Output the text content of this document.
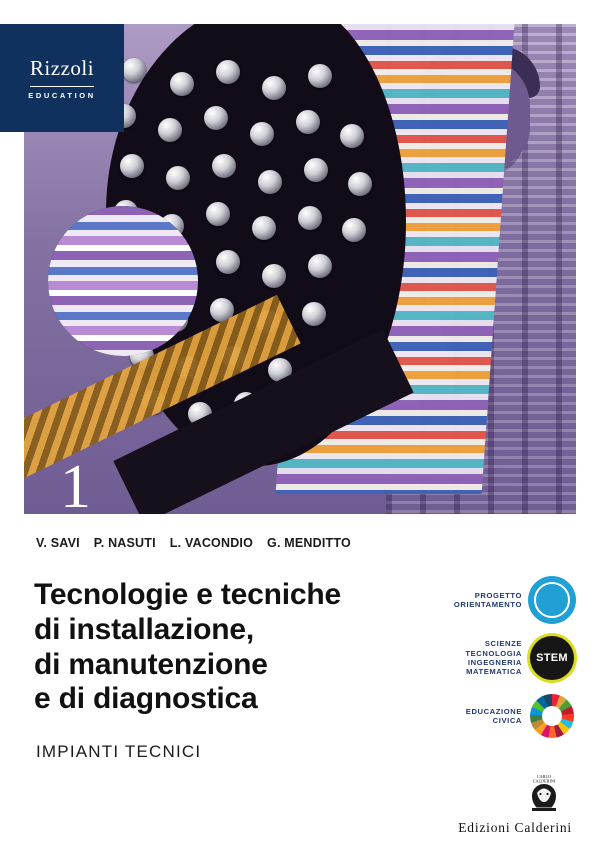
1
Rizzoli
EDUCATION
V. SAVI P. NASUTI L. VACONDIO G. MENDITTO
Tecnologie e tecniche
di installazione,
di manutenzione
e di diagnostica
IMPIANTI TECNICI
PROGETTO
ORIENTAMENTO
SCIENZE
TECNOLOGIA
INGEGNERIA
MATEMATICA
STEM
EDUCAZIONE
CIVICA
CARLO
CALDERINI
Edizioni Calderini
